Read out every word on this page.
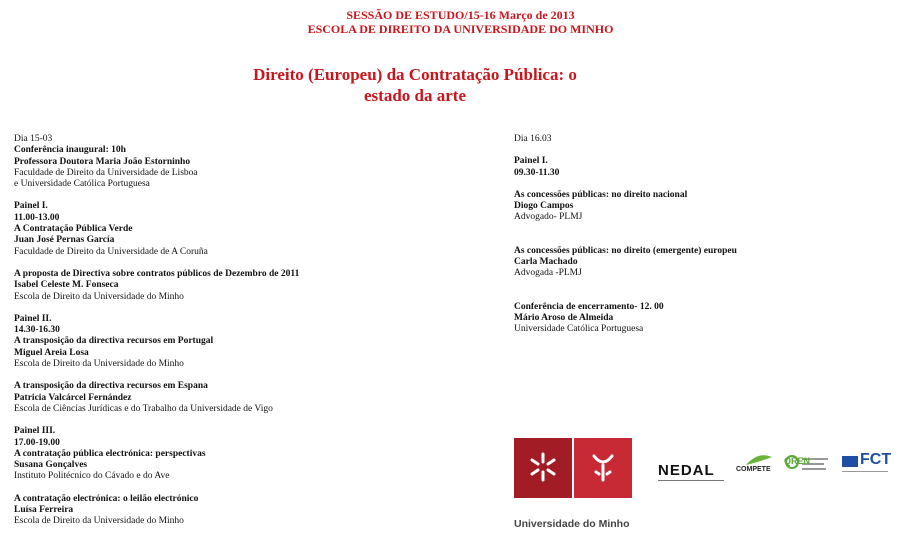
SESSÃO DE ESTUDO/15-16 Março de 2013
ESCOLA DE DIREITO DA UNIVERSIDADE DO MINHO
Direito (Europeu) da Contratação Pública: o
estado da arte
Dia 15-03
Conferência inaugural: 10h
Professora Doutora Maria João Estorninho
Faculdade de Direito da Universidade de Lisboa
e Universidade Católica Portuguesa
Painel I.
11.00-13.00
A Contratação Pública Verde
Juan José Pernas García
Faculdade de Direito da Universidade de A Coruña
A proposta de Directiva sobre contratos públicos de Dezembro de 2011
Isabel Celeste M. Fonseca
Escola de Direito da Universidade do Minho
Painel II.
14.30-16.30
A transposição da directiva recursos em Portugal
Miguel Areia Losa
Escola de Direito da Universidade do Minho
A transposição da directiva recursos em Espana
Patricia Valcárcel Fernández
Escola de Ciências Jurídicas e do Trabalho da Universidade de Vigo
Painel III.
17.00-19.00
A contratação pública electrónica: perspectivas
Susana Gonçalves
Instituto Politécnico do Cávado e do Ave
A contratação electrónica: o leilão electrónico
Luísa Ferreira
Escola de Direito da Universidade do Minho
Dia 16.03
Painel I.
09.30-11.30
As concessões públicas: no direito nacional
Diogo Campos
Advogado- PLMJ
As concessões públicas: no direito (emergente) europeu
Carla Machado
Advogada -PLMJ
Conferência de encerramento- 12. 00
Mário Aroso de Almeida
Universidade Católica Portuguesa
Universidade do Minho
NEDAL	COMPETE
QREN	FCT
